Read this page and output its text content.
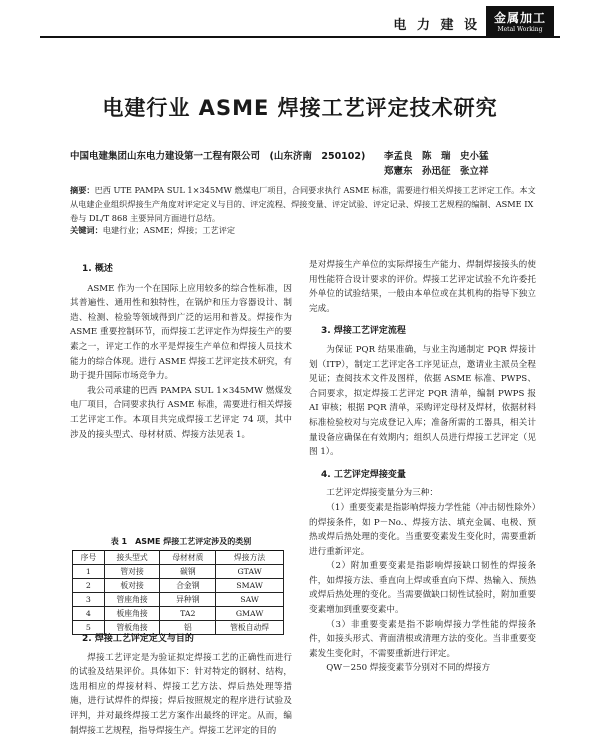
电 力 建 设 金属加工
Metal Working
电建行业 ASME 焊接工艺评定技术研究
中国电建集团山东电力建设第一工程有限公司　(山东济南　250102) 李孟良　陈　瑞　史小猛
郑憲东　孙迅征　张立祥
摘要：巴西 UTE PAMPA SUL 1×345MW 燃煤电厂项目，合同要求执行 ASME 标准，需要进行相关焊接工艺评定工作。本文从电建企业组织焊接生产角度对评定定义与目的、评定流程、焊接变量、评定试验、评定记录、焊接工艺规程的编制、ASME IX 卷与 DL/T 868 主要异同方面进行总结。
关键词：电建行业；ASME；焊接；工艺评定
1. 概述

ASME 作为一个在国际上应用较多的综合性标准，因其普遍性、通用性和独特性，在锅炉和压力容器设计、制造、检测、检验等领域得到广泛的运用和普及。焊接作为 ASME 重要控制环节，而焊接工艺评定作为焊接生产的要素之一，评定工作的水平是焊接生产单位和焊接人员技术能力的综合体现。进行 ASME 焊接工艺评定技术研究，有助于提升国际市场竞争力。

我公司承建的巴西 PAMPA SUL 1×345MW 燃煤发电厂项目，合同要求执行 ASME 标准，需要进行相关焊接工艺评定工作。本项目共完成焊接工艺评定 74 项，其中涉及的接头型式、母材材质、焊接方法见表 1。

表 1　ASME 焊接工艺评定涉及的类别
序号	接头型式	母材材质	焊接方法
1	管对接	碳钢	GTAW
2	板对接	合金钢	SMAW
3	管座角接	异种钢	SAW
4	板座角接	TA2	GMAW
5	管板角接	铝	管板自动焊
2. 焊接工艺评定定义与目的

焊接工艺评定是为验证拟定焊接工艺的正确性而进行的试验及结果评价。具体如下：针对特定的钢材、结构，选用相应的焊接材料、焊接工艺方法、焊后热处理等措施，进行试焊件的焊接；焊后按照规定的程序进行试验及评判，并对最终焊接工艺方案作出最终的评定。从而，编制焊接工艺规程，指导焊接生产。焊接工艺评定的目的

是对焊接生产单位的实际焊接生产能力、焊制焊接接头的使用性能符合设计要求的评价。焊接工艺评定试验不允许委托外单位的试验结果，一般由本单位或在其机构的指导下独立完成。

3. 焊接工艺评定流程

为保证 PQR 结果准确，与业主沟通制定 PQR 焊接计划（ITP），制定工艺评定各工序见证点，邀请业主派员全程见证；查阅技术文件及图样，依据 ASME 标准、PWPS、合同要求，拟定焊接工艺评定 PQR 清单，编制 PWPS 报 AI 审核；根据 PQR 清单，采购评定母材及焊材，依据材料标准检验校对与完成登记入库；准备所需的工器具，相关计量设备应确保在有效期内；组织人员进行焊接工艺评定（见图 1）。

4. 工艺评定焊接变量

工艺评定焊接变量分为三种：

（1）重要变素是指影响焊接力学性能（冲击韧性除外）的焊接条件，如 P－No.、焊接方法、填充金属、电极、预热或焊后热处理的变化。当重要变素发生变化时，需要重新进行重新评定。

（2）附加重要变素是指影响焊接缺口韧性的焊接条件，如焊接方法、垂直向上焊或垂直向下焊、热输入、预热或焊后热处理的变化。当需要做缺口韧性试验时，附加重要变素增加到重要变素中。

（3）非重要变素是指不影响焊接力学性能的焊接条件，如接头形式、背面清根或清理方法的变化。当非重要变素发生变化时，不需要重新进行评定。

QW－250 焊接变素节分别对不同的焊接方
